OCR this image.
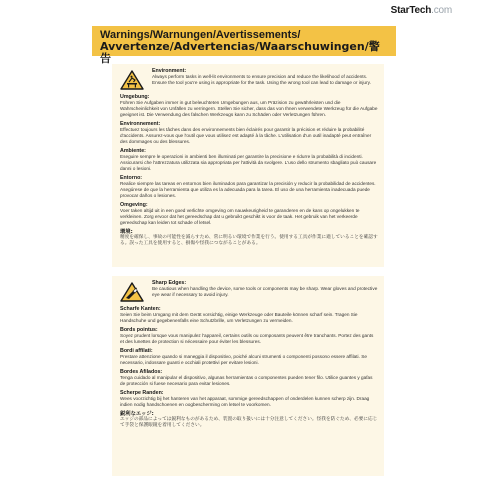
StarTech.com
Warnings/Warnungen/Avertissements/
Avvertenze/Advertencias/Waarschuwingen/警告
Environment:
Always perform tasks in well-lit environments to ensure precision and reduce the likelihood of accidents. Ensure the tool you're using is appropriate for the task. Using the wrong tool can lead to damage or injury.
Umgebung:
Führen Sie Aufgaben immer in gut beleuchteten Umgebungen aus, um Präzision zu gewährleisten und die Wahrscheinlichkeit von Unfällen zu verringern. Stellen Sie sicher, dass das von Ihnen verwendete Werkzeug für die Aufgabe geeignet ist. Die Verwendung des falschen Werkzeugs kann zu Schäden oder Verletzungen führen.
Environnement:
Effectuez toujours les tâches dans des environnements bien éclairés pour garantir la précision et réduire la probabilité d'accidents. Assurez-vous que l'outil que vous utilisez est adapté à la tâche. L'utilisation d'un outil inadapté peut entraîner des dommages ou des blessures.
Ambiente:
Eseguire sempre le operazioni in ambienti ben illuminati per garantire la precisione e ridurre la probabilità di incidenti. Assicurarsi che l'attrezzatura utilizzata sia appropriata per l'attività da svolgere. L'uso dello strumento sbagliato può causare danni o lesioni.
Entorno:
Realice siempre las tareas en entornos bien iluminados para garantizar la precisión y reducir la probabilidad de accidentes. Asegúrese de que la herramienta que utiliza es la adecuada para la tarea. El uso de una herramienta inadecuada puede provocar daños o lesiones.
Omgeving:
Voer taken altijd uit in een goed verlichte omgeving om nauwkeurigheid te garanderen en de kans op ongelukken te verkleinen. Zorg ervoor dat het gereedschap dat u gebruikt geschikt is voor de taak. Het gebruik van het verkeerde gereedschap kan leiden tot schade of letsel.
環境:
精度を確保し、事故の可能性を減らすため、常に明るい環境で作業を行う。使用する工具が作業に適していることを確認する。誤った工具を使用すると、損傷や怪我につながることがある。
Sharp Edges:
Be cautious when handling the device, some tools or components may be sharp. Wear gloves and protective eye wear if necessary to avoid injury.
Scharfe Kanten:
Seien Sie beim Umgang mit dem Gerät vorsichtig, einige Werkzeuge oder Bauteile können scharf sein. Tragen Sie Handschuhe und gegebenenfalls eine Schutzbrille, um Verletzungen zu vermeiden.
Bords pointus:
Soyez prudent lorsque vous manipulez l'appareil, certains outils ou composants peuvent être tranchants. Portez des gants et des lunettes de protection si nécessaire pour éviter les blessures.
Bordi affilati:
Prestare attenzione quando si maneggia il dispositivo, poiché alcuni strumenti o componenti possono essere affilati. Se necessario, indossare guanti e occhiali protettivi per evitare lesioni.
Bordes Afilados:
Tenga cuidado al manipular el dispositivo, algunas herramientas o componentes pueden tener filo. Utilice guantes y gafas de protección si fuese necesario para evitar lesiones.
Scherpe Randen:
Wees voorzichtig bij het hanteren van het apparaat, sommige gereedschappen of onderdelen kunnen scherp zijn. Draag indien nodig handschoenen en oogbescherming om letsel te voorkomen.
鋭利なエッジ:
エッジの部品によっては鋭利なものがあるため、装置の取り扱いには十分注意してください。怪我を防ぐため、必要に応じて手袋と保護眼鏡を着用してください。
